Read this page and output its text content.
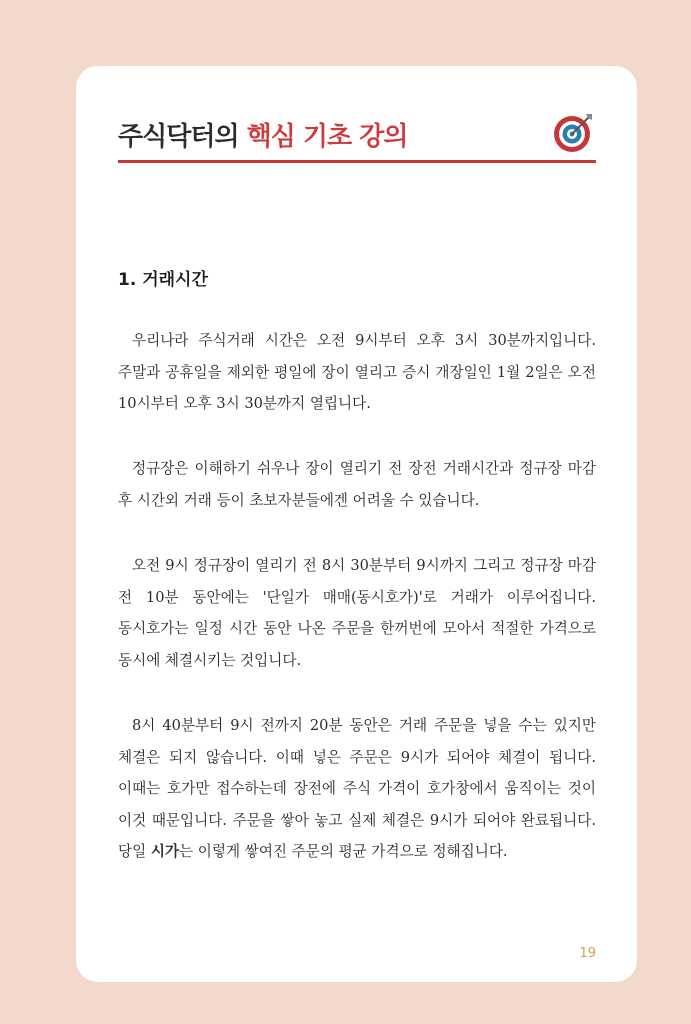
주식닥터의 핵심 기초 강의
1. 거래시간

우리나라 주식거래 시간은 오전 9시부터 오후 3시 30분까지입니다. 주말과 공휴일을 제외한 평일에 장이 열리고 증시 개장일인 1월 2일은 오전 10시부터 오후 3시 30분까지 열립니다.

정규장은 이해하기 쉬우나 장이 열리기 전 장전 거래시간과 정규장 마감 후 시간외 거래 등이 초보자분들에겐 어려울 수 있습니다.

오전 9시 정규장이 열리기 전 8시 30분부터 9시까지 그리고 정규장 마감 전 10분 동안에는 '단일가 매매(동시호가)'로 거래가 이루어집니다. 동시호가는 일정 시간 동안 나온 주문을 한꺼번에 모아서 적절한 가격으로 동시에 체결시키는 것입니다.

8시 40분부터 9시 전까지 20분 동안은 거래 주문을 넣을 수는 있지만 체결은 되지 않습니다. 이때 넣은 주문은 9시가 되어야 체결이 됩니다. 이때는 호가만 접수하는데 장전에 주식 가격이 호가창에서 움직이는 것이 이것 때문입니다. 주문을 쌓아 놓고 실제 체결은 9시가 되어야 완료됩니다. 당일 시가는 이렇게 쌓여진 주문의 평균 가격으로 정해집니다.

19
